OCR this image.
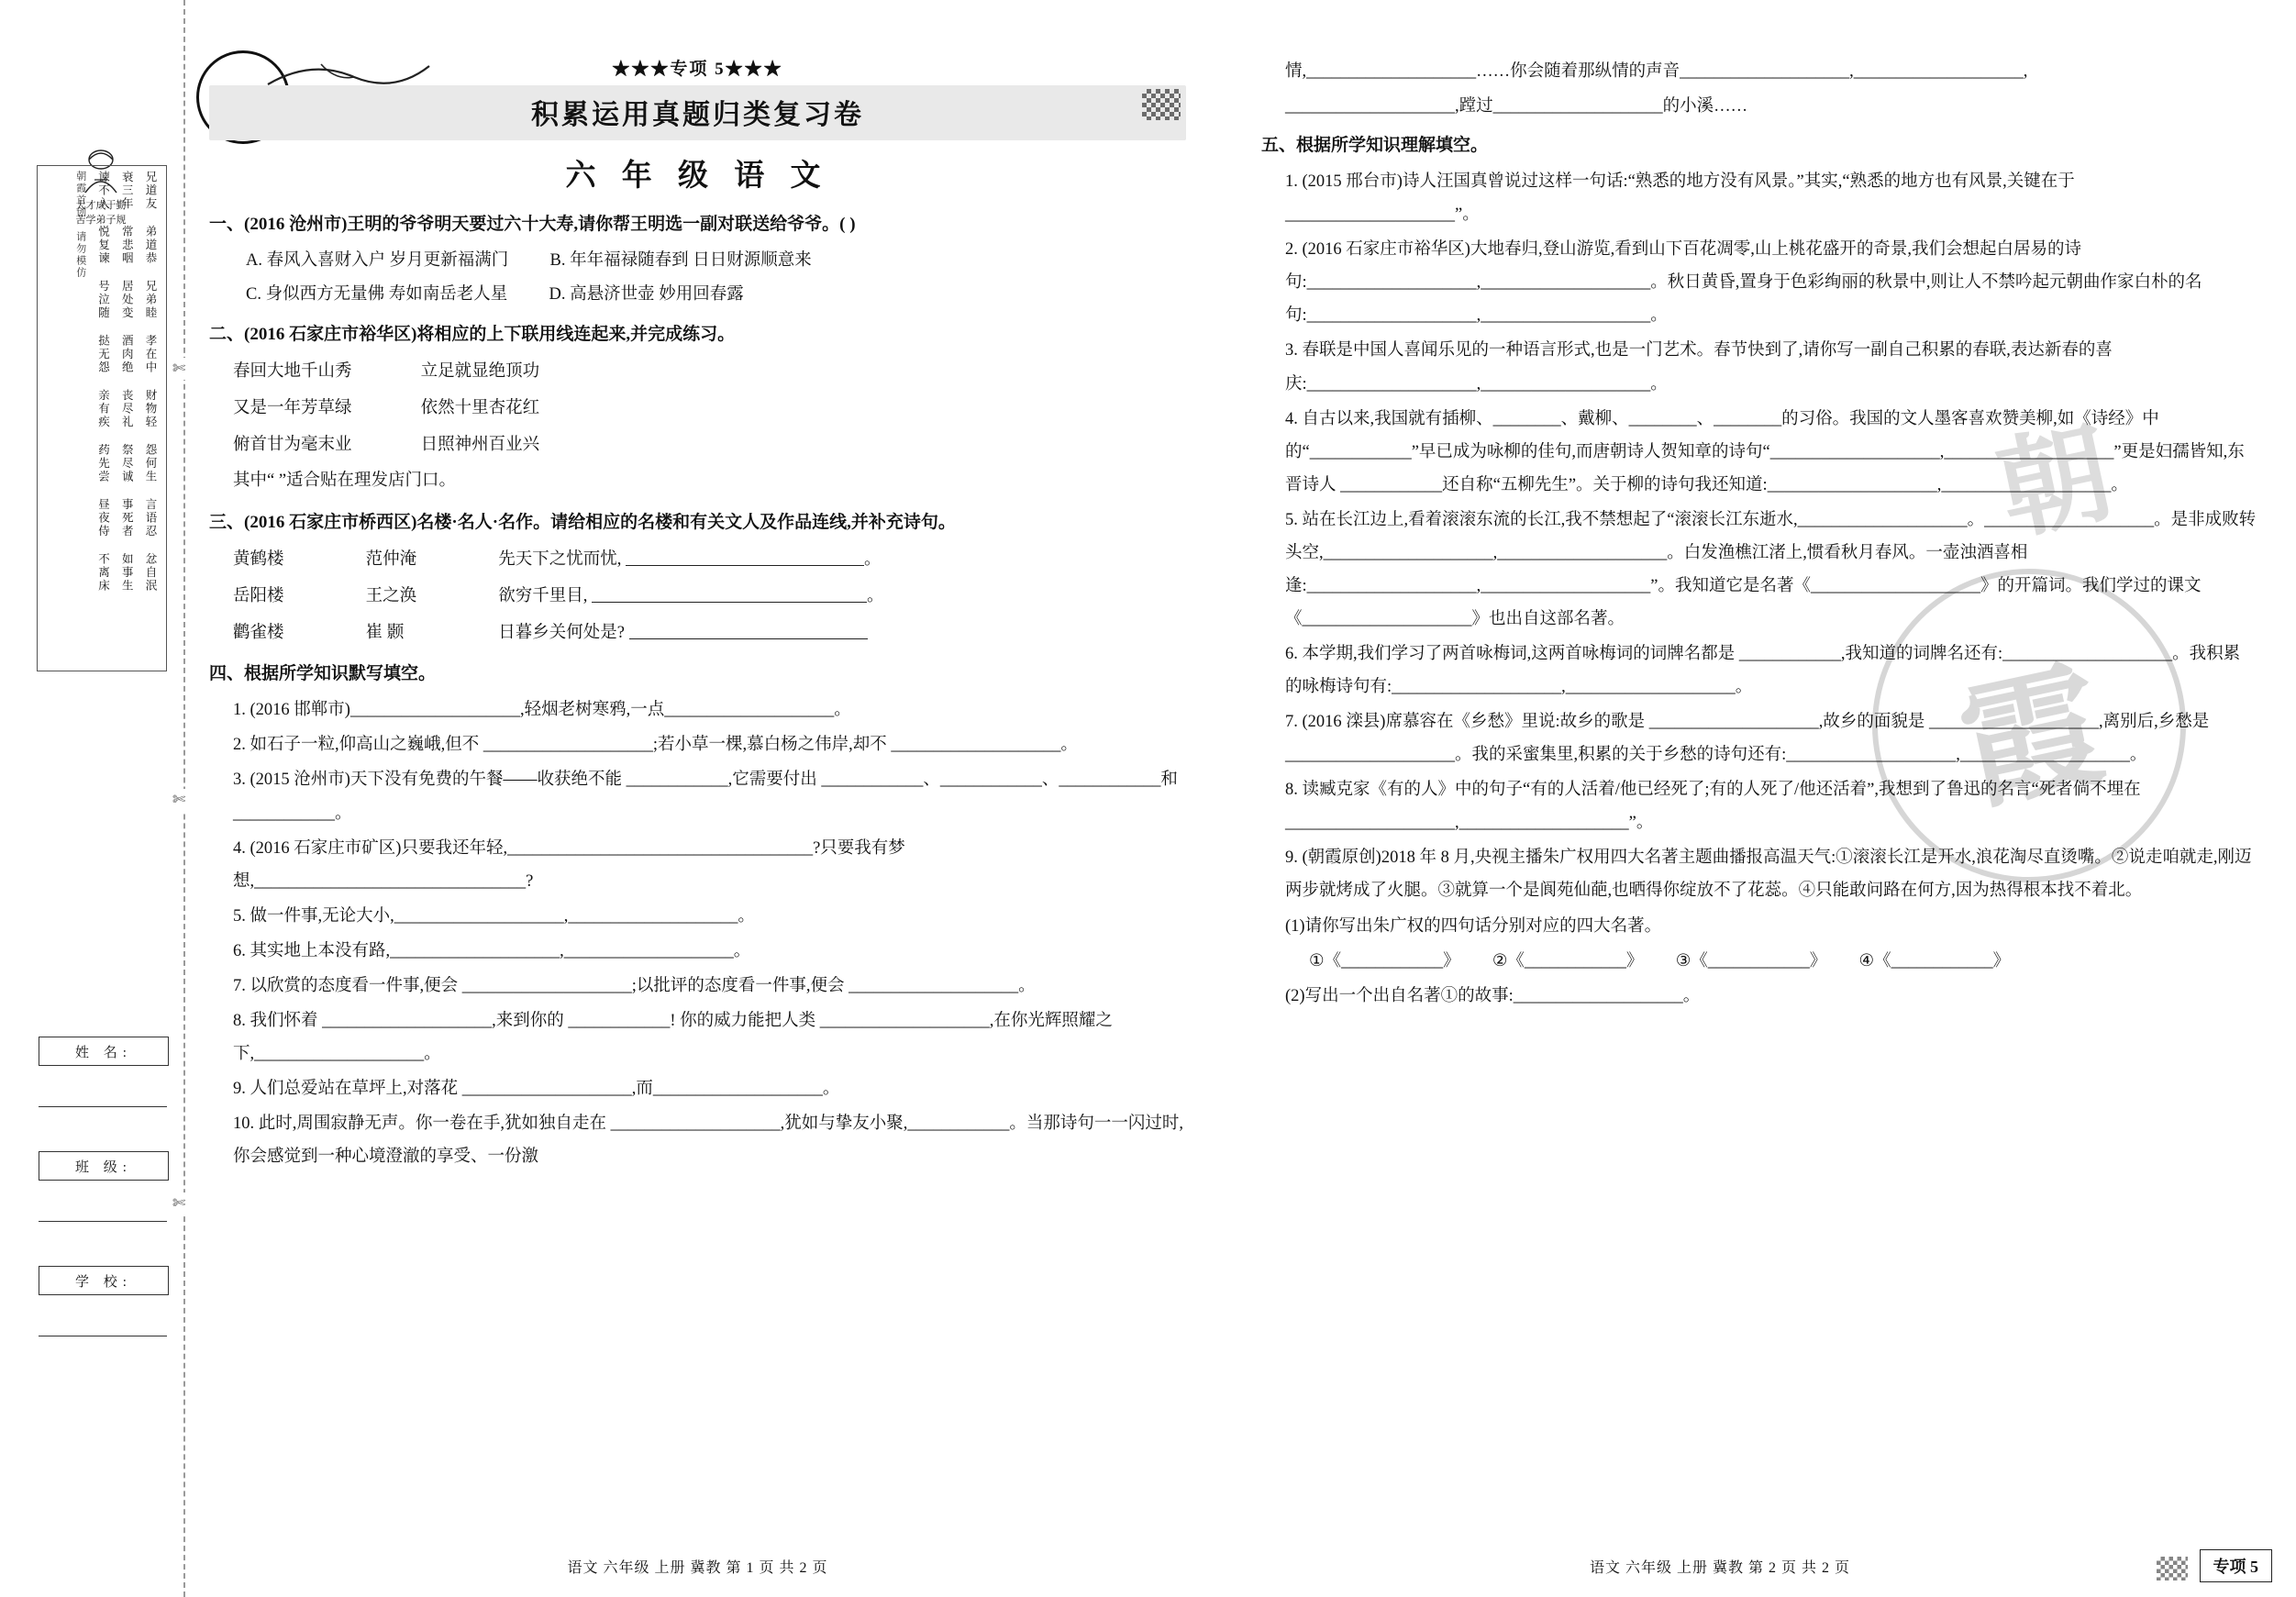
大才成于勤
苦学弟子规	兄道友 弟道恭 兄弟睦 孝在中 财物轻 怨何生 言语忍 忿自泯
衰三年 常悲咽 居处变 酒肉绝 丧尽礼 祭尽诚 事死者 如事生
谏不入 悦复谏 号泣随 挞无怨 亲有疾 药先尝 昼夜侍 不离床
朝霞首创 请勿模仿
姓 名:
班 级:
学 校:
✄
✄
✄
朝
霞
★★★专项 5★★★
积累运用真题归类复习卷
六 年 级 语 文
一、(2016 沧州市)王明的爷爷明天要过六十大寿,请你帮王明选一副对联送给爷爷。( )
A. 春风入喜财入户 岁月更新福满门 B. 年年福禄随春到 日日财源顺意来
C. 身似西方无量佛 寿如南岳老人星 D. 高悬济世壶 妙用回春露
二、(2016 石家庄市裕华区)将相应的上下联用线连起来,并完成练习。
春回大地千山秀	立足就显绝顶功
又是一年芳草绿	依然十里杏花红
俯首甘为毫末业	日照神州百业兴
其中“ ”适合贴在理发店门口。
三、(2016 石家庄市桥西区)名楼·名人·名作。请给相应的名楼和有关文人及作品连线,并补充诗句。
黄鹤楼	范仲淹	先天下之忧而忧,	。
岳阳楼	王之涣	欲穷千里目,	。
鹳雀楼	崔 颢	日暮乡关何处是?
四、根据所学知识默写填空。
1. (2016 邯郸市)____________________,轻烟老树寒鸦,一点____________________。
2. 如石子一粒,仰高山之巍峨,但不 ____________________;若小草一棵,慕白杨之伟岸,却不 ____________________。
3. (2015 沧州市)天下没有免费的午餐——收获绝不能 ____________,它需要付出 ____________、____________、____________和____________。
4. (2016 石家庄市矿区)只要我还年轻,____________________________________?只要我有梦想,________________________________?
5. 做一件事,无论大小,____________________,____________________。
6. 其实地上本没有路,____________________,____________________。
7. 以欣赏的态度看一件事,便会 ____________________;以批评的态度看一件事,便会 ____________________。
8. 我们怀着 ____________________,来到你的 ____________! 你的威力能把人类 ____________________,在你光辉照耀之下,____________________。
9. 人们总爱站在草坪上,对落花 ____________________,而____________________。
10. 此时,周围寂静无声。你一卷在手,犹如独自走在 ____________________,犹如与挚友小聚,____________。当那诗句一一闪过时,你会感觉到一种心境澄澈的享受、一份激
语文 六年级 上册 冀教 第 1 页 共 2 页
情,____________________……你会随着那纵情的声音____________________,____________________,
____________________,蹚过____________________的小溪……
五、根据所学知识理解填空。
1. (2015 邢台市)诗人汪国真曾说过这样一句话:“熟悉的地方没有风景。”其实,“熟悉的地方也有风景,关键在于 ____________________”。
2. (2016 石家庄市裕华区)大地春归,登山游览,看到山下百花凋零,山上桃花盛开的奇景,我们会想起白居易的诗句:____________________,____________________。秋日黄昏,置身于色彩绚丽的秋景中,则让人不禁吟起元朝曲作家白朴的名句:____________________,____________________。
3. 春联是中国人喜闻乐见的一种语言形式,也是一门艺术。春节快到了,请你写一副自己积累的春联,表达新春的喜庆:____________________,____________________。
4. 自古以来,我国就有插柳、________、戴柳、________、________的习俗。我国的文人墨客喜欢赞美柳,如《诗经》中的“____________”早已成为咏柳的佳句,而唐朝诗人贺知章的诗句“____________________,____________________”更是妇孺皆知,东晋诗人 ____________还自称“五柳先生”。关于柳的诗句我还知道:____________________,____________________。
5. 站在长江边上,看着滚滚东流的长江,我不禁想起了“滚滚长江东逝水,____________________。____________________。是非成败转头空,____________________,____________________。白发渔樵江渚上,惯看秋月春风。一壶浊酒喜相逢:____________________,____________________”。我知道它是名著《____________________》的开篇词。我们学过的课文《____________________》也出自这部名著。
6. 本学期,我们学习了两首咏梅词,这两首咏梅词的词牌名都是 ____________,我知道的词牌名还有:____________________。我积累的咏梅诗句有:____________________,____________________。
7. (2016 滦县)席慕容在《乡愁》里说:故乡的歌是 ____________________,故乡的面貌是 ____________________,离别后,乡愁是 ____________________。我的采蜜集里,积累的关于乡愁的诗句还有:____________________,____________________。
8. 读臧克家《有的人》中的句子“有的人活着/他已经死了;有的人死了/他还活着”,我想到了鲁迅的名言“死者倘不埋在 ____________________,____________________”。
9. (朝霞原创)2018 年 8 月,央视主播朱广权用四大名著主题曲播报高温天气:①滚滚长江是开水,浪花淘尽直烫嘴。②说走咱就走,刚迈两步就烤成了火腿。③就算一个是阆苑仙葩,也晒得你绽放不了花蕊。④只能敢问路在何方,因为热得根本找不着北。
(1)请你写出朱广权的四句话分别对应的四大名著。
①《____________》 ②《____________》 ③《____________》 ④《____________》
(2)写出一个出自名著①的故事:____________________。
语文 六年级 上册 冀教 第 2 页 共 2 页	专项 5
